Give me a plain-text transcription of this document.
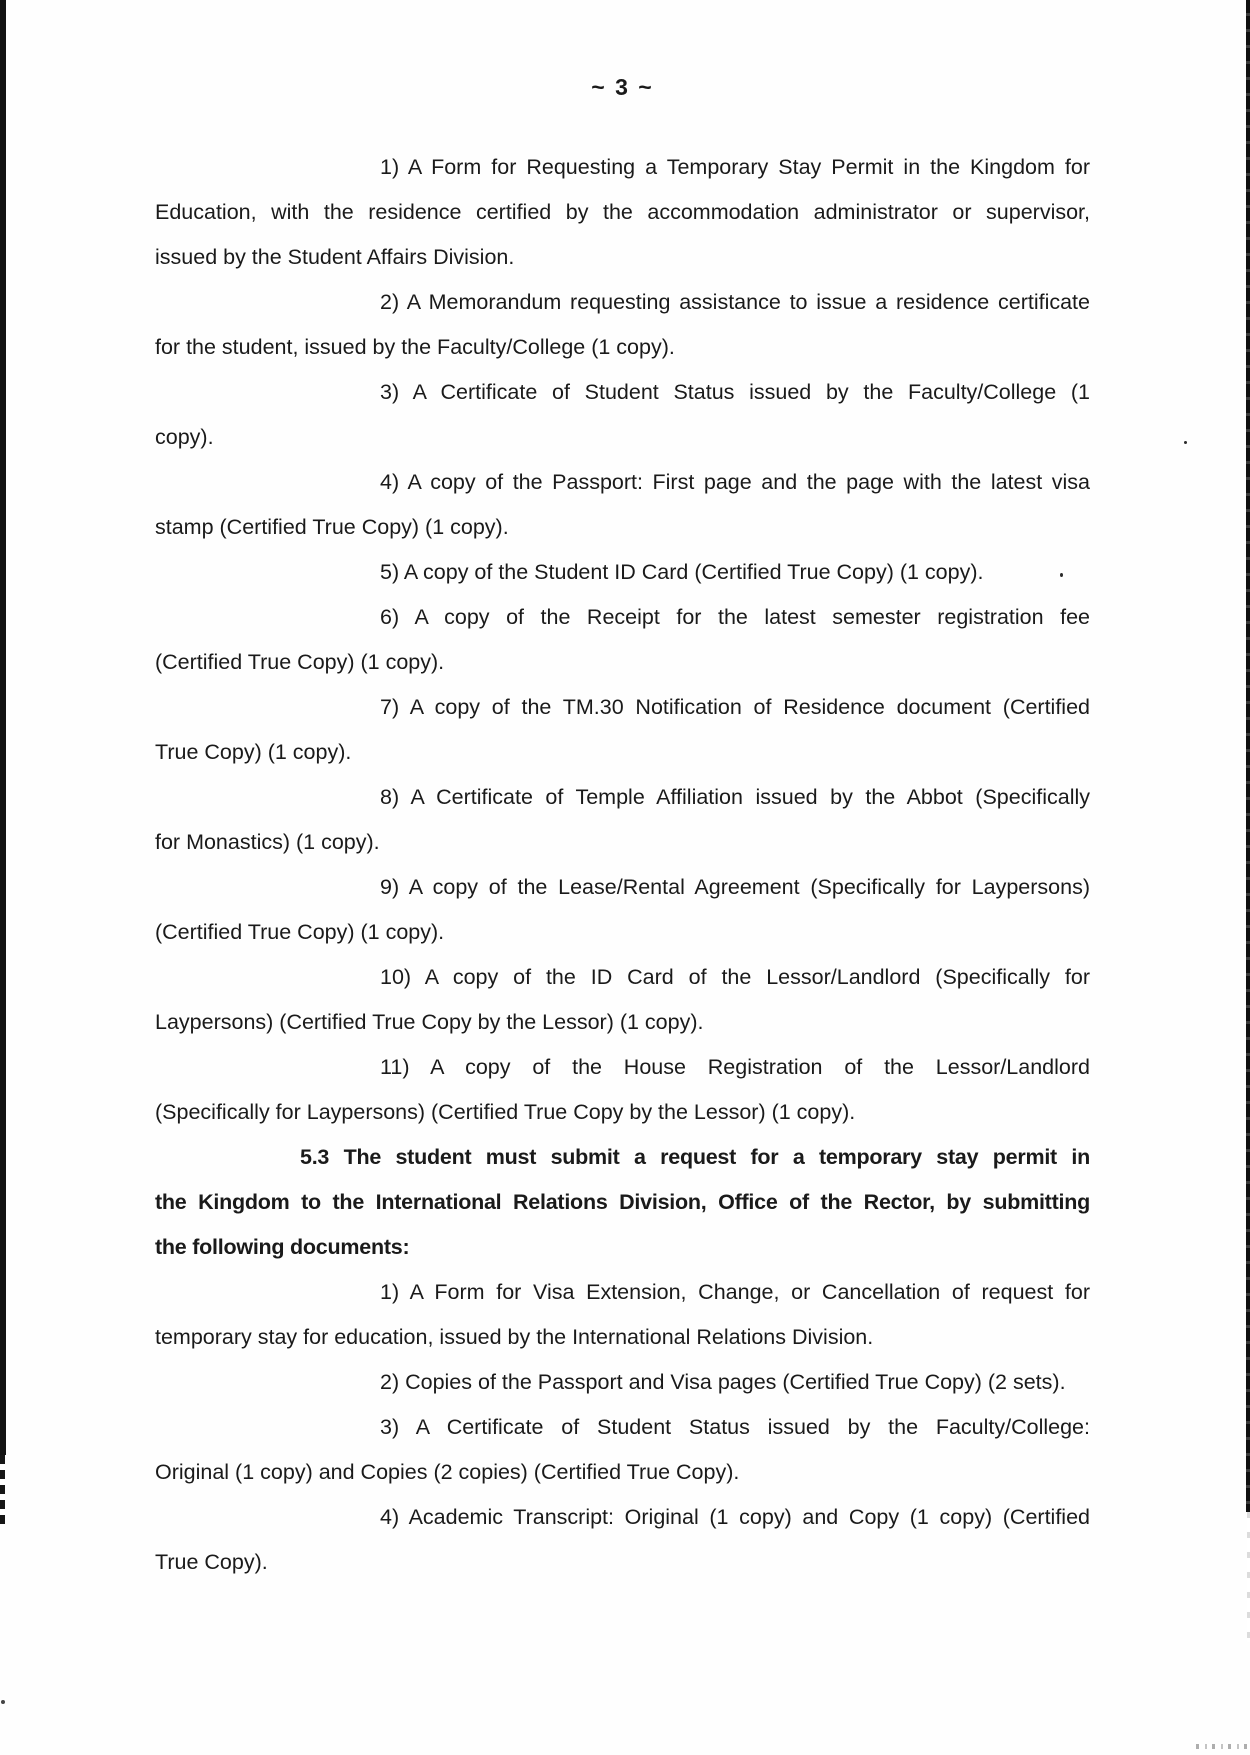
~ 3 ~
1) A Form for Requesting a Temporary Stay Permit in the Kingdom for
Education, with the residence certified by the accommodation administrator or supervisor,
issued by the Student Affairs Division.
2) A Memorandum requesting assistance to issue a residence certificate
for the student, issued by the Faculty/College (1 copy).
3) A Certificate of Student Status issued by the Faculty/College (1
copy).
4) A copy of the Passport: First page and the page with the latest visa
stamp (Certified True Copy) (1 copy).
5) A copy of the Student ID Card (Certified True Copy) (1 copy).
6) A copy of the Receipt for the latest semester registration fee
(Certified True Copy) (1 copy).
7) A copy of the TM.30 Notification of Residence document (Certified
True Copy) (1 copy).
8) A Certificate of Temple Affiliation issued by the Abbot (Specifically
for Monastics) (1 copy).
9) A copy of the Lease/Rental Agreement (Specifically for Laypersons)
(Certified True Copy) (1 copy).
10) A copy of the ID Card of the Lessor/Landlord (Specifically for
Laypersons) (Certified True Copy by the Lessor) (1 copy).
11) A copy of the House Registration of the Lessor/Landlord
(Specifically for Laypersons) (Certified True Copy by the Lessor) (1 copy).
5.3 The student must submit a request for a temporary stay permit in
the Kingdom to the International Relations Division, Office of the Rector, by submitting
the following documents:
1) A Form for Visa Extension, Change, or Cancellation of request for
temporary stay for education, issued by the International Relations Division.
2) Copies of the Passport and Visa pages (Certified True Copy) (2 sets).
3) A Certificate of Student Status issued by the Faculty/College:
Original (1 copy) and Copies (2 copies) (Certified True Copy).
4) Academic Transcript: Original (1 copy) and Copy (1 copy) (Certified
True Copy).
